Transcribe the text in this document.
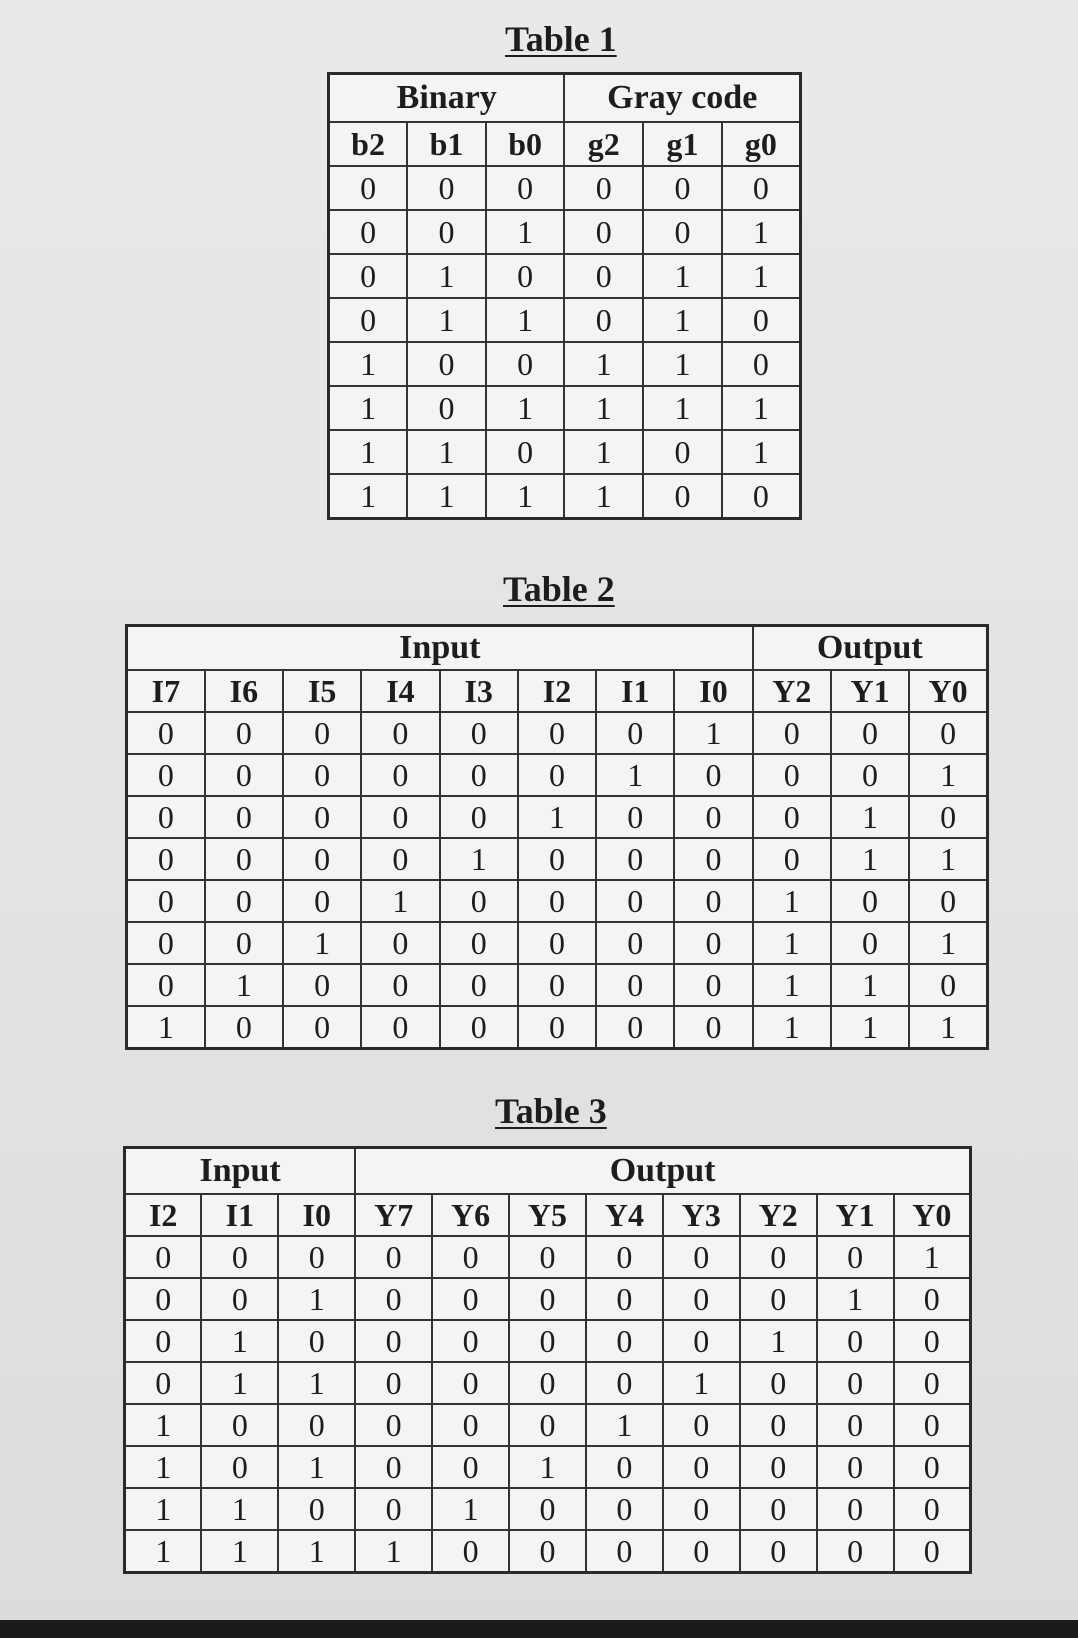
Table 1
Binary			Gray code		
b2	b1	b0	g2	g1	g0
0	0	0	0	0	0
0	0	1	0	0	1
0	1	0	0	1	1
0	1	1	0	1	0
1	0	0	1	1	0
1	0	1	1	1	1
1	1	0	1	0	1
1	1	1	1	0	0
Table 2
Input								Output		
I7	I6	I5	I4	I3	I2	I1	I0	Y2	Y1	Y0
0	0	0	0	0	0	0	1	0	0	0
0	0	0	0	0	0	1	0	0	0	1
0	0	0	0	0	1	0	0	0	1	0
0	0	0	0	1	0	0	0	0	1	1
0	0	0	1	0	0	0	0	1	0	0
0	0	1	0	0	0	0	0	1	0	1
0	1	0	0	0	0	0	0	1	1	0
1	0	0	0	0	0	0	0	1	1	1
Table 3
Input			Output							
I2	I1	I0	Y7	Y6	Y5	Y4	Y3	Y2	Y1	Y0
0	0	0	0	0	0	0	0	0	0	1
0	0	1	0	0	0	0	0	0	1	0
0	1	0	0	0	0	0	0	1	0	0
0	1	1	0	0	0	0	1	0	0	0
1	0	0	0	0	0	1	0	0	0	0
1	0	1	0	0	1	0	0	0	0	0
1	1	0	0	1	0	0	0	0	0	0
1	1	1	1	0	0	0	0	0	0	0
